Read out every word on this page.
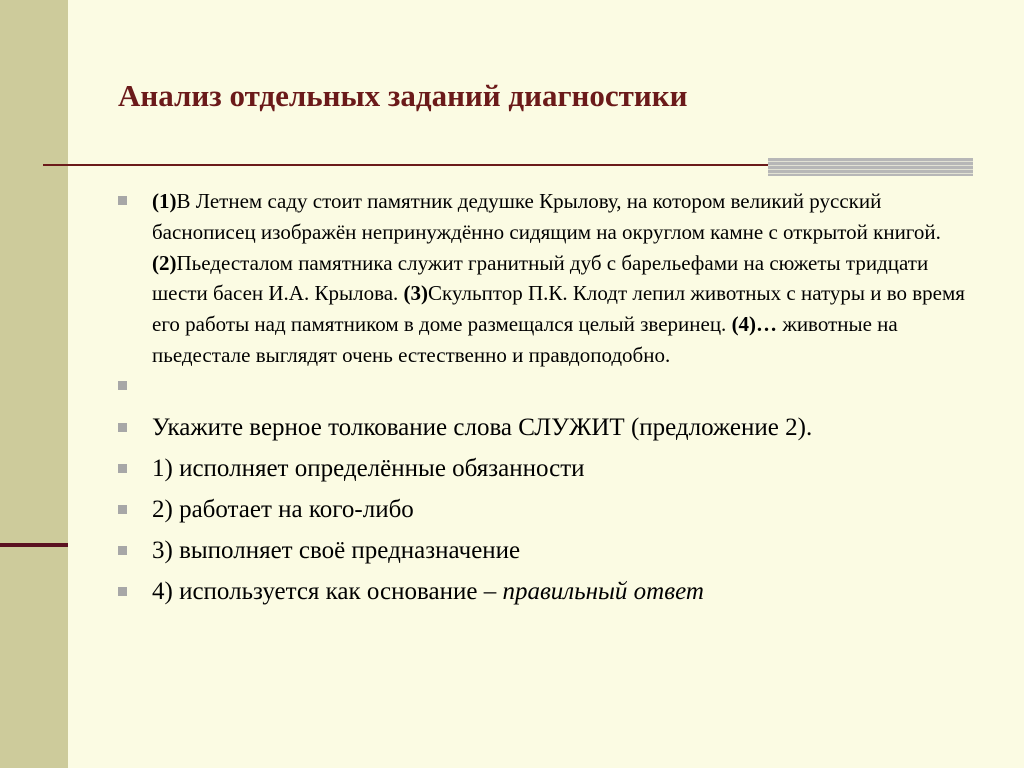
Анализ отдельных заданий диагностики
(1)В Летнем саду стоит памятник дедушке Крылову, на котором великий русский баснописец изображён непринуждённо сидящим на округлом камне с открытой книгой. (2)Пьедесталом памятника служит гранитный дуб с барельефами на сюжеты тридцати шести басен И.А. Крылова. (3)Скульптор П.К. Клодт лепил животных с натуры и во время его работы над памятником в доме размещался целый зверинец. (4)… животные на пьедестале выглядят очень естественно и правдоподобно.
Укажите верное толкование слова СЛУЖИТ (предложение 2).
1) исполняет определённые обязанности
2) работает на кого-либо
3) выполняет своё предназначение
4) используется как основание – правильный ответ
